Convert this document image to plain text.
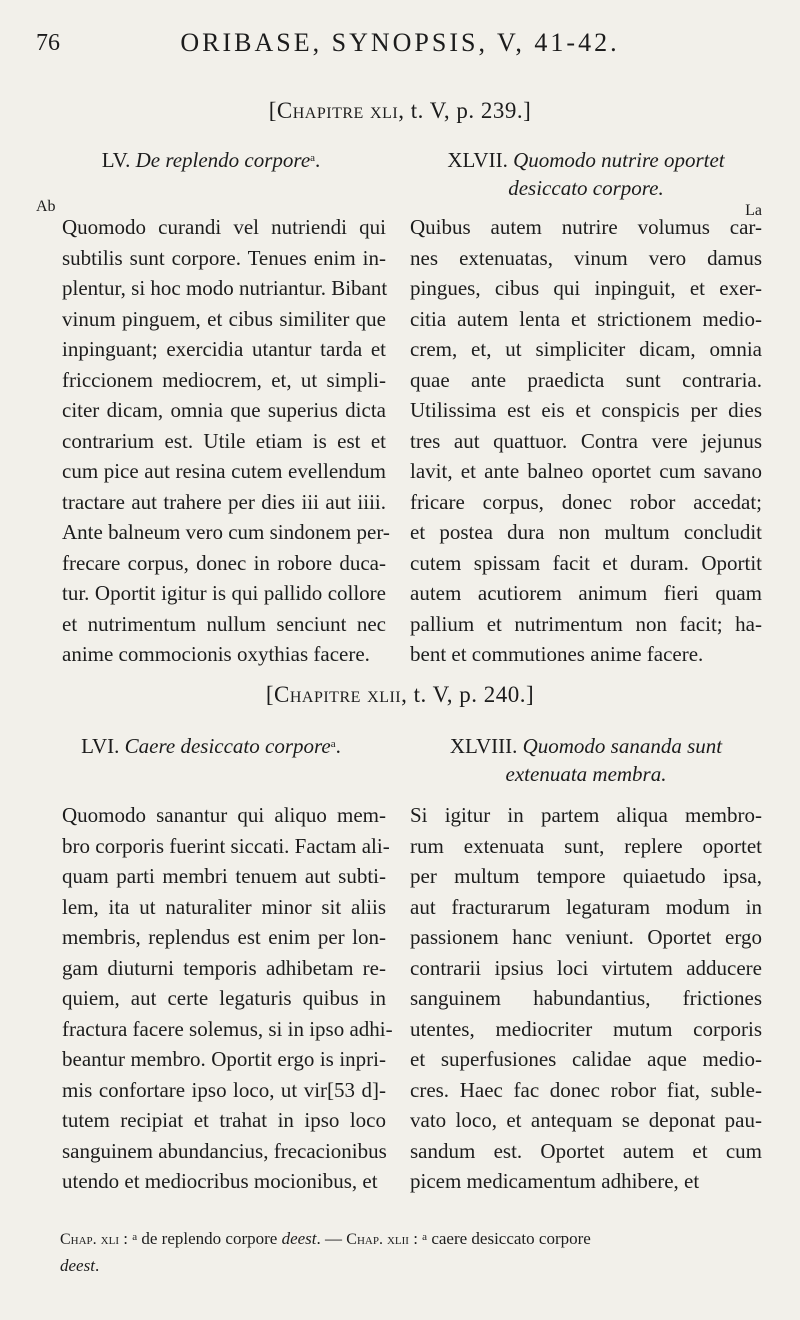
76	ORIBASE, SYNOPSIS, V, 41-42.
[Chapitre xli, t. V, p. 239.]
LV. De replendo corpore$^a$.
Ab
Quomodo curandi vel nutriendi qui
subtilis sunt corpore. Tenues enim in-
plentur, si hoc modo nutriantur. Bibant
vinum pinguem, et cibus similiter que
inpinguant; exercidia utantur tarda et
friccionem mediocrem, et, ut simpli-
citer dicam, omnia que superius dicta
contrarium est. Utile etiam is est et
cum pice aut resina cutem evellendum
tractare aut trahere per dies iii aut iiii.
Ante balneum vero cum sindonem per-
frecare corpus, donec in robore duca-
tur. Oportit igitur is qui pallido collore
et nutrimentum nullum senciunt nec
anime commocionis oxythias facere.
XLVII. Quomodo nutrire oportet
desiccato corpore.
La
Quibus autem nutrire volumus car-
nes extenuatas, vinum vero damus
pingues, cibus qui inpinguit, et exer-
citia autem lenta et strictionem medio-
crem, et, ut simpliciter dicam, omnia
quae ante praedicta sunt contraria.
Utilissima est eis et conspicis per dies
tres aut quattuor. Contra vere jejunus
lavit, et ante balneo oportet cum savano
fricare corpus, donec robor accedat;
et postea dura non multum concludit
cutem spissam facit et duram. Oportit
autem acutiorem animum fieri quam
pallium et nutrimentum non facit; ha-
bent et commutiones anime facere.
[Chapitre xlii, t. V, p. 240.]
LVI. Caere desiccato corpore$^a$.
Quomodo sanantur qui aliquo mem-
bro corporis fuerint siccati. Factam ali-
quam parti membri tenuem aut subti-
lem, ita ut naturaliter minor sit aliis
membris, replendus est enim per lon-
gam diuturni temporis adhibetam re-
quiem, aut certe legaturis quibus in
fractura facere solemus, si in ipso adhi-
beantur membro. Oportit ergo is inpri-
mis confortare ipso loco, ut vir[53 d]-
tutem recipiat et trahat in ipso loco
sanguinem abundancius, frecacionibus
utendo et mediocribus mocionibus, et
XLVIII. Quomodo sananda sunt
extenuata membra.
Si igitur in partem aliqua membro-
rum extenuata sunt, replere oportet
per multum tempore quiaetudo ipsa,
aut fracturarum legaturam modum in
passionem hanc veniunt. Oportet ergo
contrarii ipsius loci virtutem adducere
sanguinem habundantius, frictiones
utentes, mediocriter mutum corporis
et superfusiones calidae aque medio-
cres. Haec fac donec robor fiat, suble-
vato loco, et antequam se deponat pau-
sandum est. Oportet autem et cum
picem medicamentum adhibere, et
Chap. xli : $^a$ de replendo corpore deest. — Chap. xlii : $^a$ caere desiccato corpore
deest.
